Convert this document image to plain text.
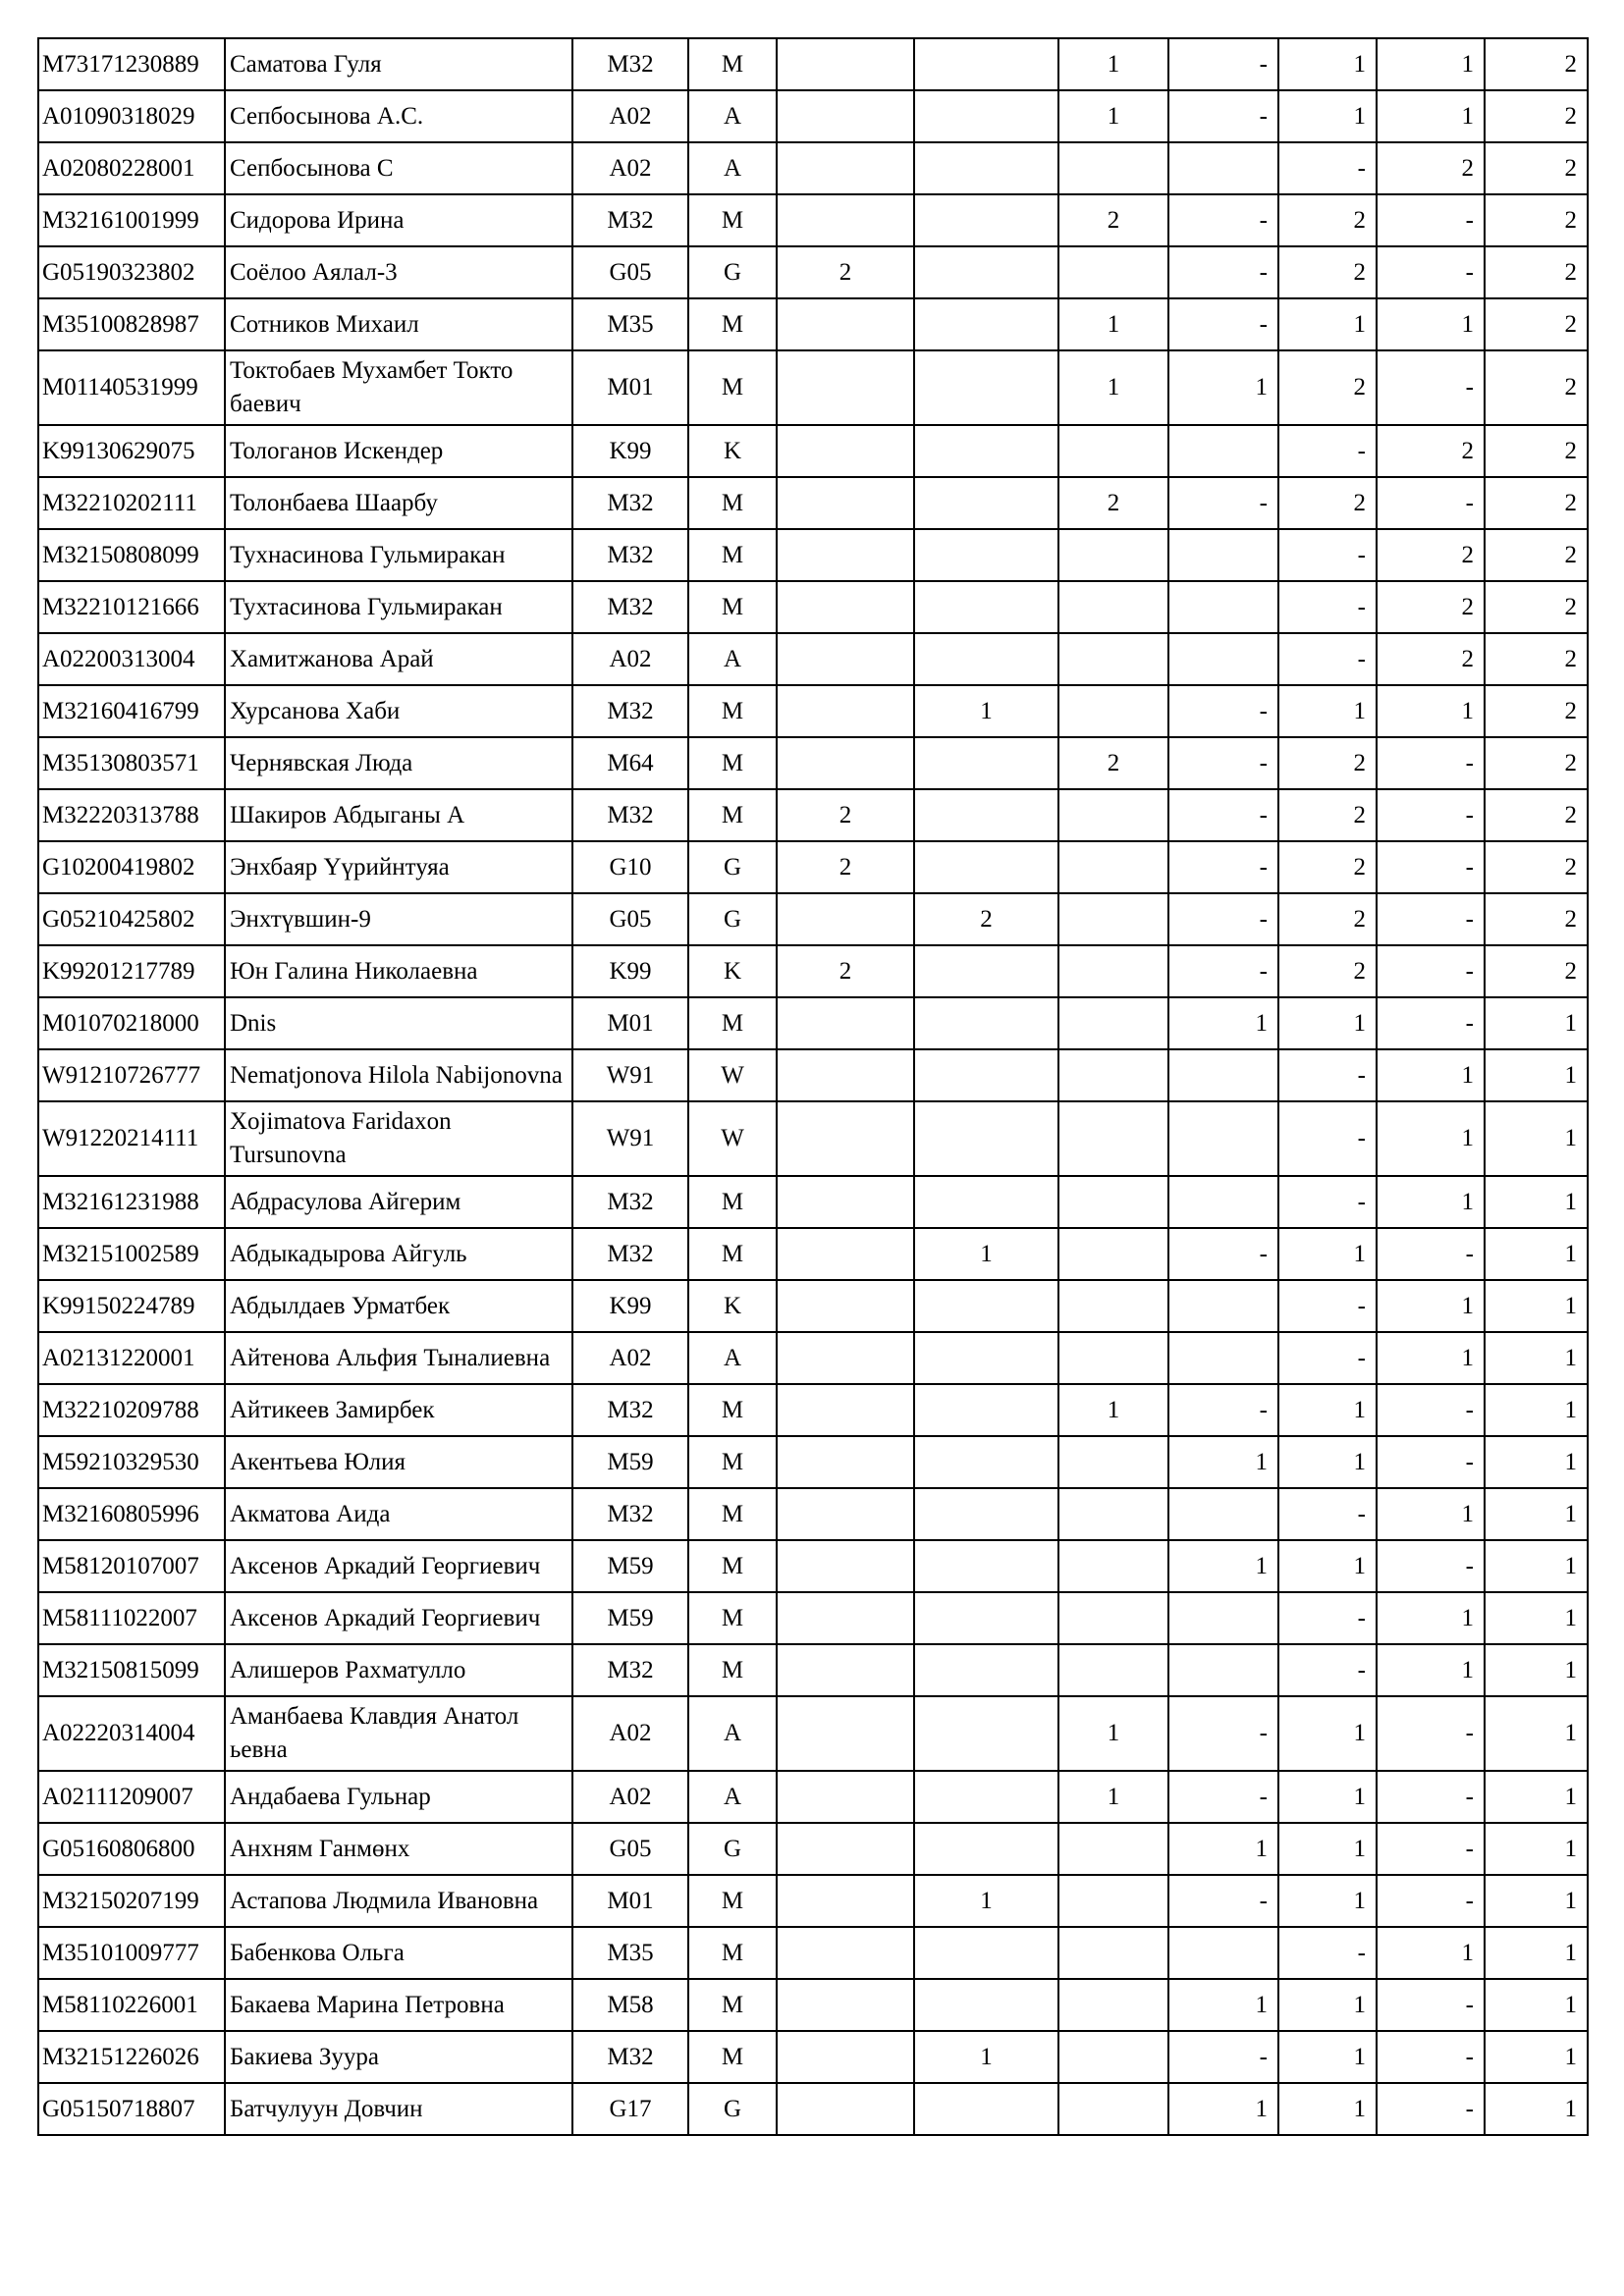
M73171230889	Саматова Гуля	M32	M			1	-	1	1	2
A01090318029	Сепбосынова А.С.	A02	A			1	-	1	1	2
A02080228001	Сепбосынова С	A02	A					-	2	2
M32161001999	Сидорова Ирина	M32	M			2	-	2	-	2
G05190323802	Соёлоо Аялал-3	G05	G	2			-	2	-	2
M35100828987	Сотников Михаил	M35	M			1	-	1	1	2
M01140531999	Токтобаев Мухамбет Токто баевич	M01	M			1	1	2	-	2
K99130629075	Тологанов Искендер	K99	K					-	2	2
M32210202111	Толонбаева Шаарбу	M32	M			2	-	2	-	2
M32150808099	Тухнасинова Гульмиракан	M32	M					-	2	2
M32210121666	Тухтасинова Гульмиракан	M32	M					-	2	2
A02200313004	Хамитжанова Арай	A02	A					-	2	2
M32160416799	Хурсанова Хаби	M32	M		1		-	1	1	2
M35130803571	Чернявская Люда	M64	M			2	-	2	-	2
M32220313788	Шакиров Абдыганы А	M32	M	2			-	2	-	2
G10200419802	Энхбаяр Үүрийнтуяа	G10	G	2			-	2	-	2
G05210425802	Энхтүвшин-9	G05	G		2		-	2	-	2
K99201217789	Юн Галина Николаевна	K99	K	2			-	2	-	2
M01070218000	Dnis	M01	M				1	1	-	1
W91210726777	Nematjonova Hilola Nabijonovna	W91	W					-	1	1
W91220214111	Xojimatova Faridaxon Tursunovna	W91	W					-	1	1
M32161231988	Абдрасулова Айгерим	M32	M					-	1	1
M32151002589	Абдыкадырова Айгуль	M32	M		1		-	1	-	1
K99150224789	Абдылдаев Урматбек	K99	K					-	1	1
A02131220001	Айтенова Альфия Тыналиевна	A02	A					-	1	1
M32210209788	Айтикеев Замирбек	M32	M			1	-	1	-	1
M59210329530	Акентьева Юлия	M59	M				1	1	-	1
M32160805996	Акматова Аида	M32	M					-	1	1
M58120107007	Аксенов Аркадий Георгиевич	M59	M				1	1	-	1
M58111022007	Аксенов Аркадий Георгиевич	M59	M					-	1	1
M32150815099	Алишеров Рахматулло	M32	M					-	1	1
A02220314004	Аманбаева Клавдия Анатол ьевна	A02	A			1	-	1	-	1
A02111209007	Андабаева Гульнар	A02	A			1	-	1	-	1
G05160806800	Анхням Ганмөнх	G05	G				1	1	-	1
M32150207199	Астапова Людмила Ивановна	M01	M		1		-	1	-	1
M35101009777	Бабенкова Ольга	M35	M					-	1	1
M58110226001	Бакаева Марина Петровна	M58	M				1	1	-	1
M32151226026	Бакиева Зуура	M32	M		1		-	1	-	1
G05150718807	Батчулуун Довчин	G17	G				1	1	-	1
